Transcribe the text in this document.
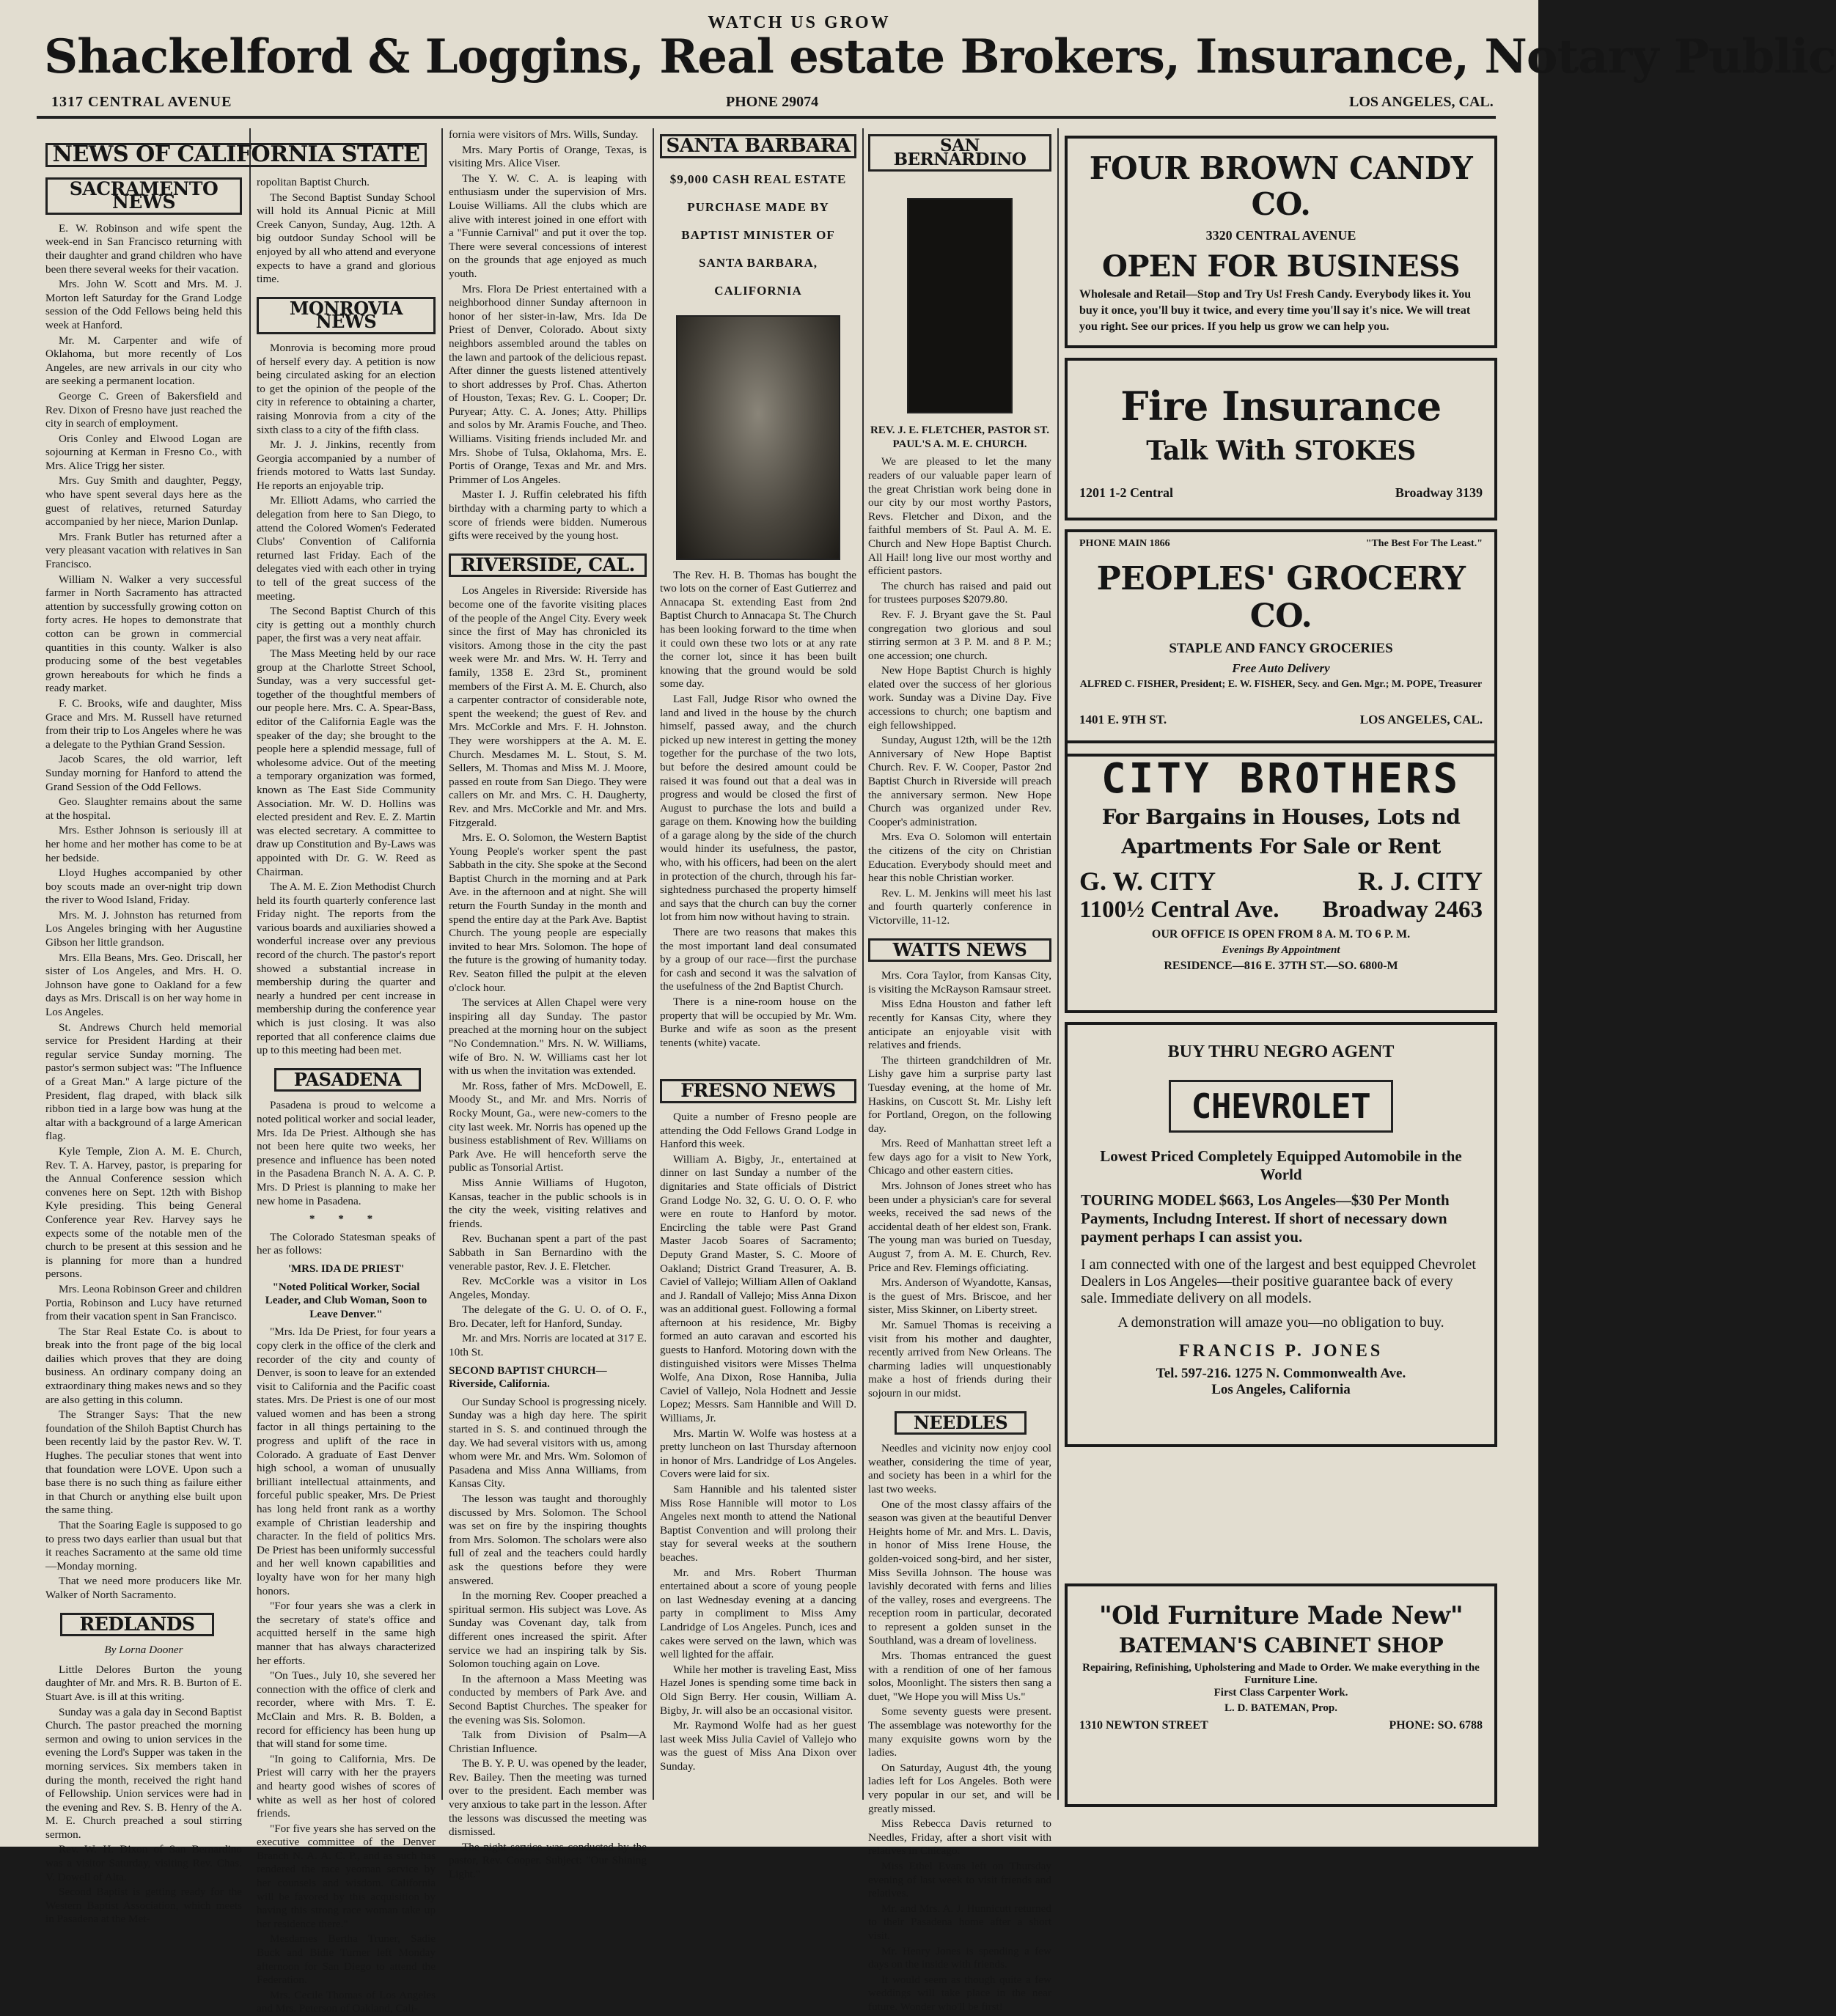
WATCH US GROW
Shackelford & Loggins, Real estate Brokers, Insurance, Notary Public
1317 CENTRAL AVENUE	PHONE 29074	LOS ANGELES, CAL.
NEWS OF CALIFORNIA STATE
SACRAMENTO NEWS

E. W. Robinson and wife spent the week-end in San Francisco returning with their daughter and grand children who have been there several weeks for their vacation.

Mrs. John W. Scott and Mrs. M. J. Morton left Saturday for the Grand Lodge session of the Odd Fellows being held this week at Hanford.

Mr. M. Carpenter and wife of Oklahoma, but more recently of Los Angeles, are new arrivals in our city who are seeking a permanent location.

George C. Green of Bakersfield and Rev. Dixon of Fresno have just reached the city in search of employment.

Oris Conley and Elwood Logan are sojourning at Kerman in Fresno Co., with Mrs. Alice Trigg her sister.

Mrs. Guy Smith and daughter, Peggy, who have spent several days here as the guest of relatives, returned Saturday accompanied by her niece, Marion Dunlap.

Mrs. Frank Butler has returned after a very pleasant vacation with relatives in San Francisco.

William N. Walker a very successful farmer in North Sacramento has attracted attention by successfully growing cotton on forty acres. He hopes to demonstrate that cotton can be grown in commercial quantities in this county. Walker is also producing some of the best vegetables grown hereabouts for which he finds a ready market.

F. C. Brooks, wife and daughter, Miss Grace and Mrs. M. Russell have returned from their trip to Los Angeles where he was a delegate to the Pythian Grand Session.

Jacob Scares, the old warrior, left Sunday morning for Hanford to attend the Grand Session of the Odd Fellows.

Geo. Slaughter remains about the same at the hospital.

Mrs. Esther Johnson is seriously ill at her home and her mother has come to be at her bedside.

Lloyd Hughes accompanied by other boy scouts made an over-night trip down the river to Wood Island, Friday.

Mrs. M. J. Johnston has returned from Los Angeles bringing with her Augustine Gibson her little grandson.

Mrs. Ella Beans, Mrs. Geo. Driscall, her sister of Los Angeles, and Mrs. H. O. Johnson have gone to Oakland for a few days as Mrs. Driscall is on her way home in Los Angeles.

St. Andrews Church held memorial service for President Harding at their regular service Sunday morning. The pastor's sermon subject was: "The Influence of a Great Man." A large picture of the President, flag draped, with black silk ribbon tied in a large bow was hung at the altar with a background of a large American flag.

Kyle Temple, Zion A. M. E. Church, Rev. T. A. Harvey, pastor, is preparing for the Annual Conference session which convenes here on Sept. 12th with Bishop Kyle presiding. This being General Conference year Rev. Harvey says he expects some of the notable men of the church to be present at this session and he is planning for more than a hundred persons.

Mrs. Leona Robinson Greer and children Portia, Robinson and Lucy have returned from their vacation spent in San Francisco.

The Star Real Estate Co. is about to break into the front page of the big local dailies which proves that they are doing business. An ordinary company doing an extraordinary thing makes news and so they are also getting in this column.

The Stranger Says: That the new foundation of the Shiloh Baptist Church has been recently laid by the pastor Rev. W. T. Hughes. The peculiar stones that went into that foundation were LOVE. Upon such a base there is no such thing as failure either in that Church or anything else built upon the same thing.

That the Soaring Eagle is supposed to go to press two days earlier than usual but that it reaches Sacramento at the same old time—Monday morning.

That we need more producers like Mr. Walker of North Sacramento.

REDLANDS
By Lorna Dooner

Little Delores Burton the young daughter of Mr. and Mrs. R. B. Burton of E. Stuart Ave. is ill at this writing.

Sunday was a gala day in Second Baptist Church. The pastor preached the morning sermon and owing to union services in the evening the Lord's Supper was taken in the morning services. Six members taken in during the month, received the right hand of Fellowship. Union services were had in the evening and Rev. S. B. Henry of the A. M. E. Church preached a soul stirring sermon.

Rev. W. H. Dixon of San Bernardino was a visitor Saturday, visiting Rev. Chas. V. Dowell of Alta.

Second Baptist is getting ready for the Western Baptist Association, which meets in Pasadena at the Met-

ropolitan Baptist Church.

The Second Baptist Sunday School will hold its Annual Picnic at Mill Creek Canyon, Sunday, Aug. 12th. A big outdoor Sunday School will be enjoyed by all who attend and everyone expects to have a grand and glorious time.

MONROVIA NEWS

Monrovia is becoming more proud of herself every day. A petition is now being circulated asking for an election to get the opinion of the people of the city in reference to obtaining a charter, raising Monrovia from a city of the sixth class to a city of the fifth class.

Mr. J. J. Jinkins, recently from Georgia accompanied by a number of friends motored to Watts last Sunday. He reports an enjoyable trip.

Mr. Elliott Adams, who carried the delegation from here to San Diego, to attend the Colored Women's Federated Clubs' Convention of California returned last Friday. Each of the delegates vied with each other in trying to tell of the great success of the meeting.

The Second Baptist Church of this city is getting out a monthly church paper, the first was a very neat affair.

The Mass Meeting held by our race group at the Charlotte Street School, Sunday, was a very successful get-together of the thoughtful members of our people here. Mrs. C. A. Spear-Bass, editor of the California Eagle was the speaker of the day; she brought to the people here a splendid message, full of wholesome advice. Out of the meeting a temporary organization was formed, known as The East Side Community Association. Mr. W. D. Hollins was elected president and Rev. E. Z. Martin was elected secretary. A committee to draw up Constitution and By-Laws was appointed with Dr. G. W. Reed as Chairman.

The A. M. E. Zion Methodist Church held its fourth quarterly conference last Friday night. The reports from the various boards and auxiliaries showed a wonderful increase over any previous record of the church. The pastor's report showed a substantial increase in membership during the quarter and nearly a hundred per cent increase in membership during the conference year which is just closing. It was also reported that all conference claims due up to this meeting had been met.

PASADENA

Pasadena is proud to welcome a noted political worker and social leader, Mrs. Ida De Priest. Although she has not been here quite two weeks, her presence and influence has been noted in the Pasadena Branch N. A. A. C. P. Mrs. D Priest is planning to make her new home in Pasadena.

* * *

The Colorado Statesman speaks of her as follows:

'MRS. IDA DE PRIEST'
"Noted Political Worker, Social Leader, and Club Woman, Soon to Leave Denver."

"Mrs. Ida De Priest, for four years a copy clerk in the office of the clerk and recorder of the city and county of Denver, is soon to leave for an extended visit to California and the Pacific coast states. Mrs. De Priest is one of our most valued women and has been a strong factor in all things pertaining to the progress and uplift of the race in Colorado. A graduate of East Denver high school, a woman of unusually brilliant intellectual attainments, and forceful public speaker, Mrs. De Priest has long held front rank as a worthy example of Christian leadership and character. In the field of politics Mrs. De Priest has been uniformly successful and her well known capabilities and loyalty have won for her many high honors.

"For four years she was a clerk in the secretary of state's office and acquitted herself in the same high manner that has always characterized her efforts.

"On Tues., July 10, she severed her connection with the office of clerk and recorder, where with Mrs. T. E. McClain and Mrs. R. B. Bolden, a record for efficiency has been hung up that will stand for some time.

"In going to California, Mrs. De Priest will carry with her the prayers and hearty good wishes of scores of white as well as her host of colored friends.

"For five years she has served on the executive committee of the Denver Branch N. A. A. C. P., and as such has rendered the race yeoman service by her counsels and wisdom. California will be favored by this acquisition by having this strong race woman take up her residence there."

Mesdames Bertha Truner, Sadie Buck and Bidie Turner left Monday afternoon for San Diego to attend the Federation.

Mrs. Cecile Thomas of Los Angeles and Mrs. Peterson of Oakland, Cali-

fornia were visitors of Mrs. Wills, Sunday.

Mrs. Mary Portis of Orange, Texas, is visiting Mrs. Alice Viser.

The Y. W. C. A. is leaping with enthusiasm under the supervision of Mrs. Louise Williams. All the clubs which are alive with interest joined in one effort with a "Funnie Carnival" and put it over the top. There were several concessions of interest on the grounds that age enjoyed as much youth.

Mrs. Flora De Priest entertained with a neighborhood dinner Sunday afternoon in honor of her sister-in-law, Mrs. Ida De Priest of Denver, Colorado. About sixty neighbors assembled around the tables on the lawn and partook of the delicious repast. After dinner the guests listened attentively to short addresses by Prof. Chas. Atherton of Houston, Texas; Rev. G. L. Cooper; Dr. Puryear; Atty. C. A. Jones; Atty. Phillips and solos by Mr. Aramis Fouche, and Theo. Williams. Visiting friends included Mr. and Mrs. Shobe of Tulsa, Oklahoma, Mrs. E. Portis of Orange, Texas and Mr. and Mrs. Primmer of Los Angeles.

Master I. J. Ruffin celebrated his fifth birthday with a charming party to which a score of friends were bidden. Numerous gifts were received by the young host.

RIVERSIDE, CAL.

Los Angeles in Riverside: Riverside has become one of the favorite visiting places of the people of the Angel City. Every week since the first of May has chronicled its visitors. Among those in the city the past week were Mr. and Mrs. W. H. Terry and family, 1358 E. 23rd St., prominent members of the First A. M. E. Church, also a carpenter contractor of considerable note, spent the weekend; the guest of Rev. and Mrs. McCorkle and Mrs. F. H. Johnston. They were worshippers at the A. M. E. Church. Mesdames M. L. Stout, S. M. Sellers, M. Thomas and Miss M. J. Moore, passed en route from San Diego. They were callers on Mr. and Mrs. C. H. Daugherty, Rev. and Mrs. McCorkle and Mr. and Mrs. Fitzgerald.

Mrs. E. O. Solomon, the Western Baptist Young People's worker spent the past Sabbath in the city. She spoke at the Second Baptist Church in the morning and at Park Ave. in the afternoon and at night. She will return the Fourth Sunday in the month and spend the entire day at the Park Ave. Baptist Church. The young people are especially invited to hear Mrs. Solomon. The hope of the future is the growing of humanity today. Rev. Seaton filled the pulpit at the eleven o'clock hour.

The services at Allen Chapel were very inspiring all day Sunday. The pastor preached at the morning hour on the subject "No Condemnation." Mrs. N. W. Williams, wife of Bro. N. W. Williams cast her lot with us when the invitation was extended.

Mr. Ross, father of Mrs. McDowell, E. Moody St., and Mr. and Mrs. Norris of Rocky Mount, Ga., were new-comers to the city last week. Mr. Norris has opened up the business establishment of Rev. Williams on Park Ave. He will henceforth serve the public as Tonsorial Artist.

Miss Annie Williams of Hugoton, Kansas, teacher in the public schools is in the city the week, visiting relatives and friends.

Rev. Buchanan spent a part of the past Sabbath in San Bernardino with the venerable pastor, Rev. J. E. Fletcher.

Rev. McCorkle was a visitor in Los Angeles, Monday.

The delegate of the G. U. O. of O. F., Bro. Decater, left for Hanford, Sunday.

Mr. and Mrs. Norris are located at 317 E. 10th St.

SECOND BAPTIST CHURCH— Riverside, California.

Our Sunday School is progressing nicely. Sunday was a high day here. The spirit started in S. S. and continued through the day. We had several visitors with us, among whom were Mr. and Mrs. Wm. Solomon of Pasadena and Miss Anna Williams, from Kansas City.

The lesson was taught and thoroughly discussed by Mrs. Solomon. The School was set on fire by the inspiring thoughts from Mrs. Solomon. The scholars were also full of zeal and the teachers could hardly ask the questions before they were answered.

In the morning Rev. Cooper preached a spiritual sermon. His subject was Love. As Sunday was Covenant day, talk from different ones increased the spirit. After service we had an inspiring talk by Sis. Solomon touching again on Love.

In the afternoon a Mass Meeting was conducted by members of Park Ave. and Second Baptist Churches. The speaker for the evening was Sis. Solomon.

Talk from Division of Psalm—A Christian Influence.

The B. Y. P. U. was opened by the leader, Rev. Bailey. Then the meeting was turned over to the president. Each member was very anxious to take part in the lesson. After the lessons was discussed the meeting was dismissed.

The night service was conducted by the pastor, Rev. Cooper. Subject: "Our Shining Light."

SANTA BARBARA
$9,000 CASH REAL ESTATE PURCHASE MADE BY BAPTIST MINISTER OF SANTA BARBARA, CALIFORNIA

The Rev. H. B. Thomas has bought the two lots on the corner of East Gutierrez and Annacapa St. extending East from 2nd Baptist Church to Annacapa St. The Church has been looking forward to the time when it could own these two lots or at any rate the corner lot, since it has been built knowing that the ground would be sold some day.

Last Fall, Judge Risor who owned the land and lived in the house by the church himself, passed away, and the church picked up new interest in getting the money together for the purchase of the two lots, but before the desired amount could be raised it was found out that a deal was in progress and would be closed the first of August to purchase the lots and build a garage on them. Knowing how the building of a garage along by the side of the church would hinder its usefulness, the pastor, who, with his officers, had been on the alert in protection of the church, through his far-sightedness purchased the property himself and says that the church can buy the corner lot from him now without having to strain.

There are two reasons that makes this the most important land deal consumated by a group of our race—first the purchase for cash and second it was the salvation of the usefulness of the 2nd Baptist Church.

There is a nine-room house on the property that will be occupied by Mr. Wm. Burke and wife as soon as the present tenents (white) vacate.

FRESNO NEWS

Quite a number of Fresno people are attending the Odd Fellows Grand Lodge in Hanford this week.

William A. Bigby, Jr., entertained at dinner on last Sunday a number of the dignitaries and State officials of District Grand Lodge No. 32, G. U. O. O. F. who were en route to Hanford by motor. Encircling the table were Past Grand Master Jacob Soares of Sacramento; Deputy Grand Master, S. C. Moore of Oakland; District Grand Treasurer, A. B. Caviel of Vallejo; William Allen of Oakland and J. Randall of Vallejo; Miss Anna Dixon was an additional guest. Following a formal afternoon at his residence, Mr. Bigby formed an auto caravan and escorted his guests to Hanford. Motoring down with the distinguished visitors were Misses Thelma Wolfe, Ana Dixon, Rose Hanniba, Julia Caviel of Vallejo, Nola Hodnett and Jessie Lopez; Messrs. Sam Hannible and Will D. Williams, Jr.

Mrs. Martin W. Wolfe was hostess at a pretty luncheon on last Thursday afternoon in honor of Mrs. Landridge of Los Angeles. Covers were laid for six.

Sam Hannible and his talented sister Miss Rose Hannible will motor to Los Angeles next month to attend the National Baptist Convention and will prolong their stay for several weeks at the southern beaches.

Mr. and Mrs. Robert Thurman entertained about a score of young people on last Wednesday evening at a dancing party in compliment to Miss Amy Landridge of Los Angeles. Punch, ices and cakes were served on the lawn, which was well lighted for the affair.

While her mother is traveling East, Miss Hazel Jones is spending some time back in Old Sign Berry. Her cousin, William A. Bigby, Jr. will also be an occasional visitor.

Mr. Raymond Wolfe had as her guest last week Miss Julia Caviel of Vallejo who was the guest of Miss Ana Dixon over Sunday.

SAN BERNARDINO
REV. J. E. FLETCHER, PASTOR ST. PAUL'S A. M. E. CHURCH.

We are pleased to let the many readers of our valuable paper learn of the great Christian work being done in our city by our most worthy Pastors, Revs. Fletcher and Dixon, and the faithful members of St. Paul A. M. E. Church and New Hope Baptist Church. All Hail! long live our most worthy and efficient pastors.

The church has raised and paid out for trustees purposes $2079.80.

Rev. F. J. Bryant gave the St. Paul congregation two glorious and soul stirring sermon at 3 P. M. and 8 P. M.; one accession; one church.

New Hope Baptist Church is highly elated over the success of her glorious work. Sunday was a Divine Day. Five accessions to church; one baptism and eigh fellowshipped.

Sunday, August 12th, will be the 12th Anniversary of New Hope Baptist Church. Rev. F. W. Cooper, Pastor 2nd Baptist Church in Riverside will preach the anniversary sermon. New Hope Church was organized under Rev. Cooper's administration.

Mrs. Eva O. Solomon will entertain the citizens of the city on Christian Education. Everybody should meet and hear this noble Christian worker.

Rev. L. M. Jenkins will meet his last and fourth quarterly conference in Victorville, 11-12.

WATTS NEWS

Mrs. Cora Taylor, from Kansas City, is visiting the McRayson Ramsaur street.

Miss Edna Houston and father left recently for Kansas City, where they anticipate an enjoyable visit with relatives and friends.

The thirteen grandchildren of Mr. Lishy gave him a surprise party last Tuesday evening, at the home of Mr. Haskins, on Cuscott St. Mr. Lishy left for Portland, Oregon, on the following day.

Mrs. Reed of Manhattan street left a few days ago for a visit to New York, Chicago and other eastern cities.

Mrs. Johnson of Jones street who has been under a physician's care for several weeks, received the sad news of the accidental death of her eldest son, Frank. The young man was buried on Tuesday, August 7, from A. M. E. Church, Rev. Price and Rev. Flemings officiating.

Mrs. Anderson of Wyandotte, Kansas, is the guest of Mrs. Briscoe, and her sister, Miss Skinner, on Liberty street.

Mr. Samuel Thomas is receiving a visit from his mother and daughter, recently arrived from New Orleans. The charming ladies will unquestionably make a host of friends during their sojourn in our midst.

NEEDLES

Needles and vicinity now enjoy cool weather, considering the time of year, and society has been in a whirl for the last two weeks.

One of the most classy affairs of the season was given at the beautiful Denver Heights home of Mr. and Mrs. L. Davis, in honor of Miss Irene House, the golden-voiced song-bird, and her sister, Miss Sevilla Johnson. The house was lavishly decorated with ferns and lilies of the valley, roses and evergreens. The reception room in particular, decorated to represent a golden sunset in the Southland, was a dream of loveliness.

Mrs. Thomas entranced the guest with a rendition of one of her famous solos, Moonlight. The sisters then sang a duet, "We Hope you will Miss Us."

Some seventy guests were present. The assemblage was noteworthy for the many exquisite gowns worn by the ladies.

On Saturday, August 4th, the young ladies left for Los Angeles. Both were very popular in our set, and will be greatly missed.

Miss Rebecca Davis returned to Needles, Friday, after a short visit with relatives in Chicago.

Miss Ethel Evans left on Thursday evening of last week to visit friends and relatives.

Mr. and Mrs. A. J. Hunnicutt returned to their Pasadena home after a short visit.

Mr. Henry Jones is spending a few days on the inside with friends.

It would seem as though quite a few weddings will take place in the near future. Wonder who'll be first!

FOUR BROWN CANDY CO.
3320 CENTRAL AVENUE
OPEN FOR BUSINESS
Wholesale and Retail—Stop and Try Us! Fresh Candy. Everybody likes it. You buy it once, you'll buy it twice, and every time you'll say it's nice. We will treat you right. See our prices. If you help us grow we can help you.
Fire Insurance
Talk With STOKES
1201 1-2 Central	Broadway 3139
PHONE MAIN 1866	"The Best For The Least."
PEOPLES' GROCERY CO.
STAPLE AND FANCY GROCERIES
Free Auto Delivery
ALFRED C. FISHER, President; E. W. FISHER, Secy. and Gen. Mgr.; M. POPE, Treasurer
1401 E. 9TH ST.	LOS ANGELES, CAL.
CITY BROTHERS
For Bargains in Houses, Lots nd Apartments For Sale or Rent
G. W. CITY	R. J. CITY
1100½ Central Ave. Broadway 2463
OUR OFFICE IS OPEN FROM 8 A. M. TO 6 P. M.
Evenings By Appointment
RESIDENCE—816 E. 37TH ST.—SO. 6800-M
BUY THRU NEGRO AGENT
CHEVROLET
Lowest Priced Completely Equipped Automobile in the World
TOURING MODEL $663, Los Angeles—$30 Per Month Payments, Includng Interest. If short of necessary down payment perhaps I can assist you.
I am connected with one of the largest and best equipped Chevrolet Dealers in Los Angeles—their positive guarantee back of every sale. Immediate delivery on all models.
A demonstration will amaze you—no obligation to buy.
FRANCIS P. JONES
Tel. 597-216. 1275 N. Commonwealth Ave.
Los Angeles, California
"Old Furniture Made New"
BATEMAN'S CABINET SHOP
Repairing, Refinishing, Upholstering and Made to Order. We make everything in the Furniture Line.
First Class Carpenter Work.
L. D. BATEMAN, Prop.
1310 NEWTON STREET	PHONE: SO. 6788
